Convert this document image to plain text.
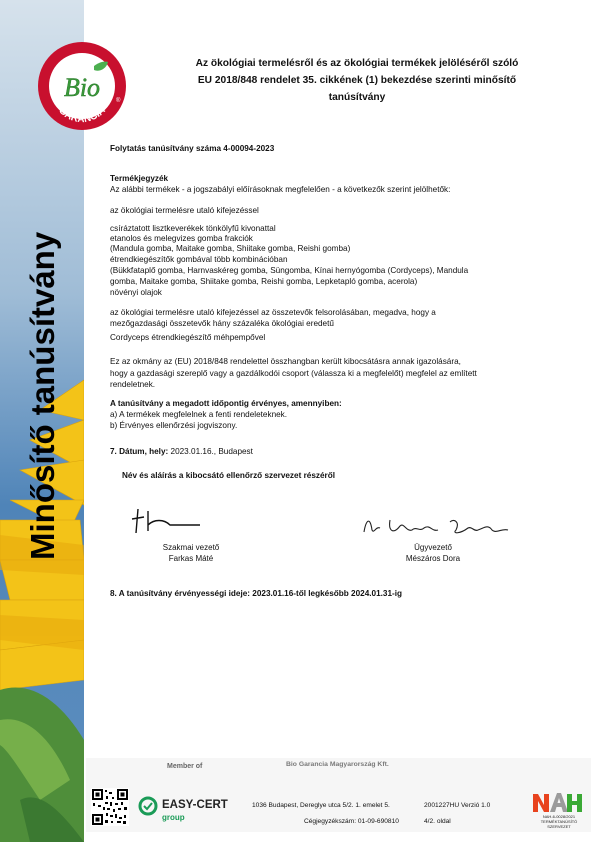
Minősítő tanúsítvány
GARANCIA
Bio	®
Az ökológiai termelésről és az ökológiai termékek jelöléséről szóló
EU 2018/848 rendelet 35. cikkének (1) bekezdése szerinti minősítő
tanúsítvány
Folytatás tanúsítvány száma 4-00094-2023
Termékjegyzék
Az alábbi termékek - a jogszabályi előírásoknak megfelelően - a következők szerint jelölhetők:
az ökológiai termelésre utaló kifejezéssel
csíráztatott lisztkeverékek tönkölyfű kivonattal
etanolos és melegvizes gomba frakciók
(Mandula gomba, Maitake gomba, Shiitake gomba, Reishi gomba)
étrendkiegészítők gombával több kombinációban
(Bükkfataplő gomba, Harnvaskéreg gomba, Süngomba, Kínai hernyógomba (Cordyceps), Mandula
gomba, Maitake gomba, Shiitake gomba, Reishi gomba, Lepketapló gomba, acerola)
növényi olajok
az ökológiai termelésre utaló kifejezéssel az összetevők felsorolásában, megadva, hogy a
mezőgazdasági összetevők hány százaléka ökológiai eredetű
Cordyceps étrendkiegészítő méhpempővel
Ez az okmány az (EU) 2018/848 rendelettel összhangban került kibocsátásra annak igazolására,
hogy a gazdasági szereplő vagy a gazdálkodói csoport (válassza ki a megfelelőt) megfelel az említett
rendeletnek.
A tanúsítvány a megadott időpontig érvényes, amennyiben:
a) A termékek megfelelnek a fenti rendeleteknek.
b) Érvényes ellenőrzési jogviszony.
7. Dátum, hely: 2023.01.16., Budapest
Név és aláírás a kibocsátó ellenőrző szervezet részéről
Szakmai vezető
Farkas Máté
Ügyvezető
Mészáros Dora
8. A tanúsítvány érvényességi ideje: 2023.01.16-től legkésőbb 2024.01.31-ig
Member of
EASY-CERT
group
Bio Garancia Magyarország Kft.
1036 Budapest, Dereglye utca 5/2. 1. emelet 5.
Cégjegyzékszám: 01-09-690810
2001227HU Verzió 1.0
4/2. oldal
NAH
NAH-6-0028/2021
TERMÉKTANÚSÍTÓ
SZERVEZET
